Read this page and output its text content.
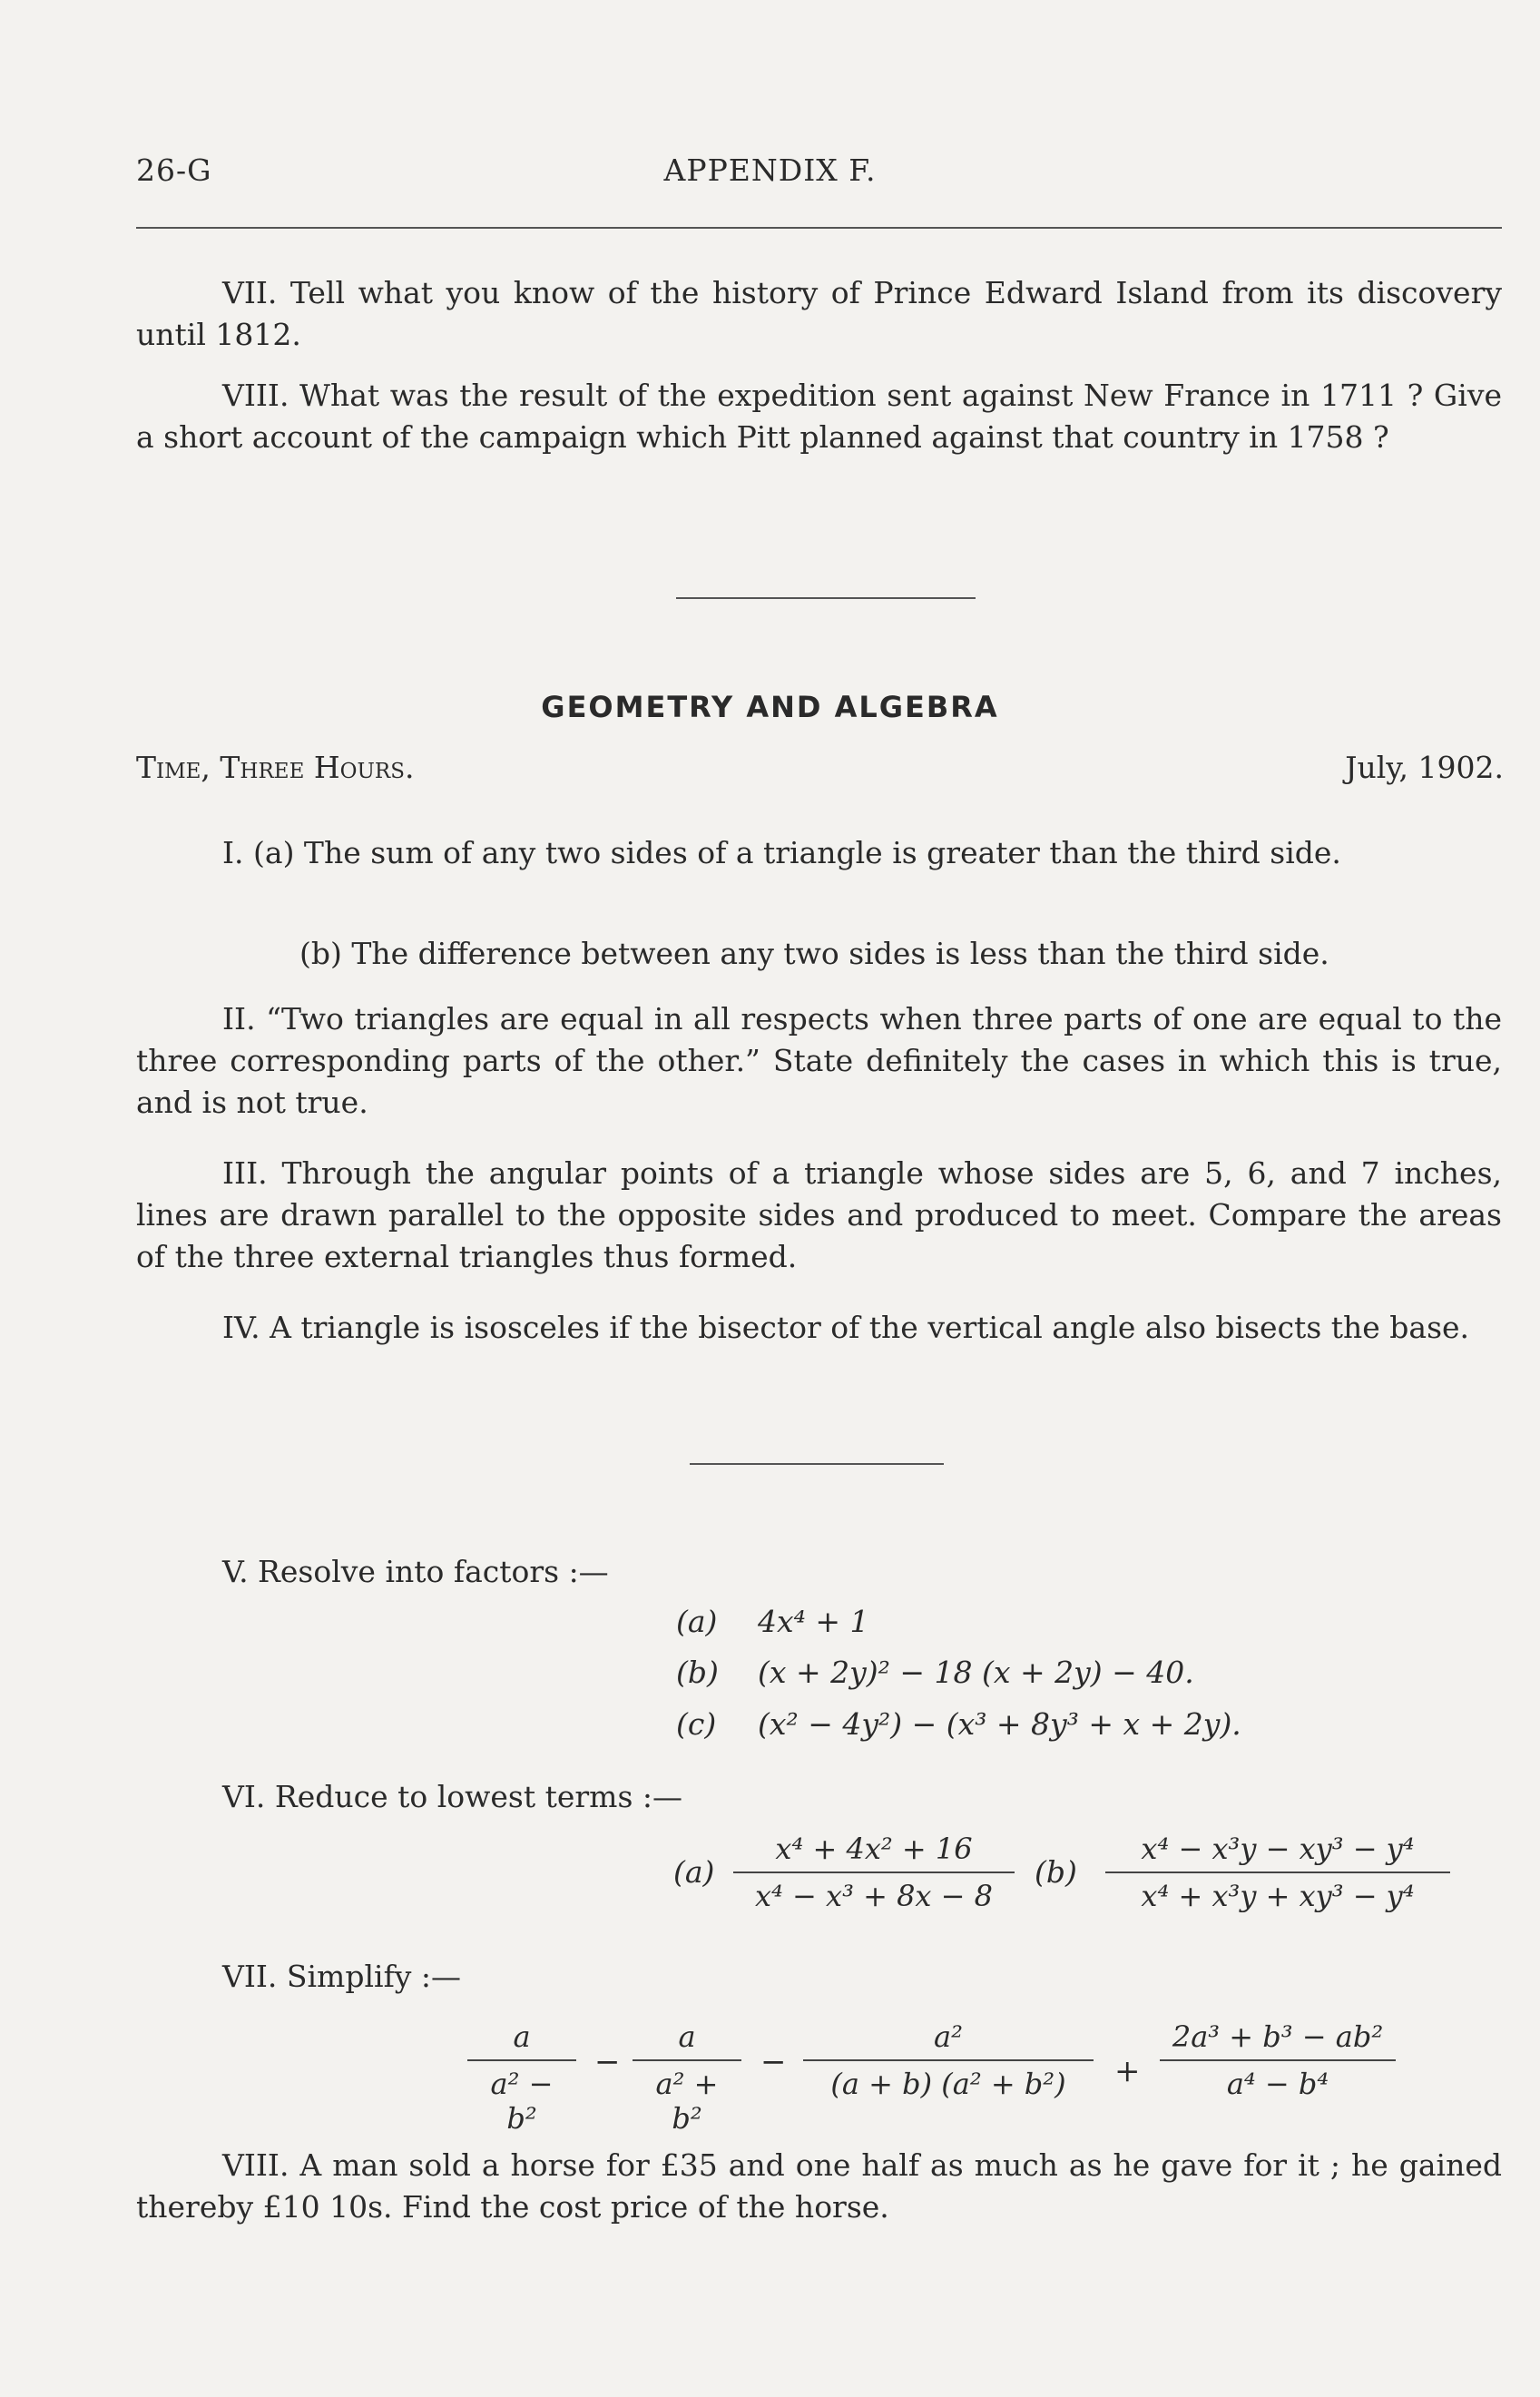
26-G	APPENDIX F.
VII. Tell what you know of the history of Prince Edward Island from its discovery until 1812.
VIII. What was the result of the expedition sent against New France in 1711 ? Give a short account of the campaign which Pitt planned against that country in 1758 ?
GEOMETRY AND ALGEBRA
Time, Three Hours.	July, 1902.
I. (a) The sum of any two sides of a triangle is greater than the third side.
(b) The difference between any two sides is less than the third side.
II. “Two triangles are equal in all respects when three parts of one are equal to the three corresponding parts of the other.” State definitely the cases in which this is true, and is not true.
III. Through the angular points of a triangle whose sides are 5, 6, and 7 inches, lines are drawn parallel to the opposite sides and produced to meet. Compare the areas of the three external triangles thus formed.
IV. A triangle is isosceles if the bisector of the vertical angle also bisects the base.
V. Resolve into factors :—
(a) 4x⁴ + 1
(b) (x + 2y)² − 18 (x + 2y) − 40.
(c) (x² − 4y²) − (x³ + 8y³ + x + 2y).
VI. Reduce to lowest terms :—
(a)
x⁴ + 4x² + 16
x⁴ − x³ + 8x − 8
(b)
x⁴ − x³y − xy³ − y⁴
x⁴ + x³y + xy³ − y⁴
VII. Simplify :—
a
a² − b²
−
a
a² + b²
−
a²
(a + b) (a² + b²)	+
2a³ + b³ − ab²
a⁴ − b⁴
VIII. A man sold a horse for £35 and one half as much as he gave for it ; he gained thereby £10 10s. Find the cost price of the horse.
